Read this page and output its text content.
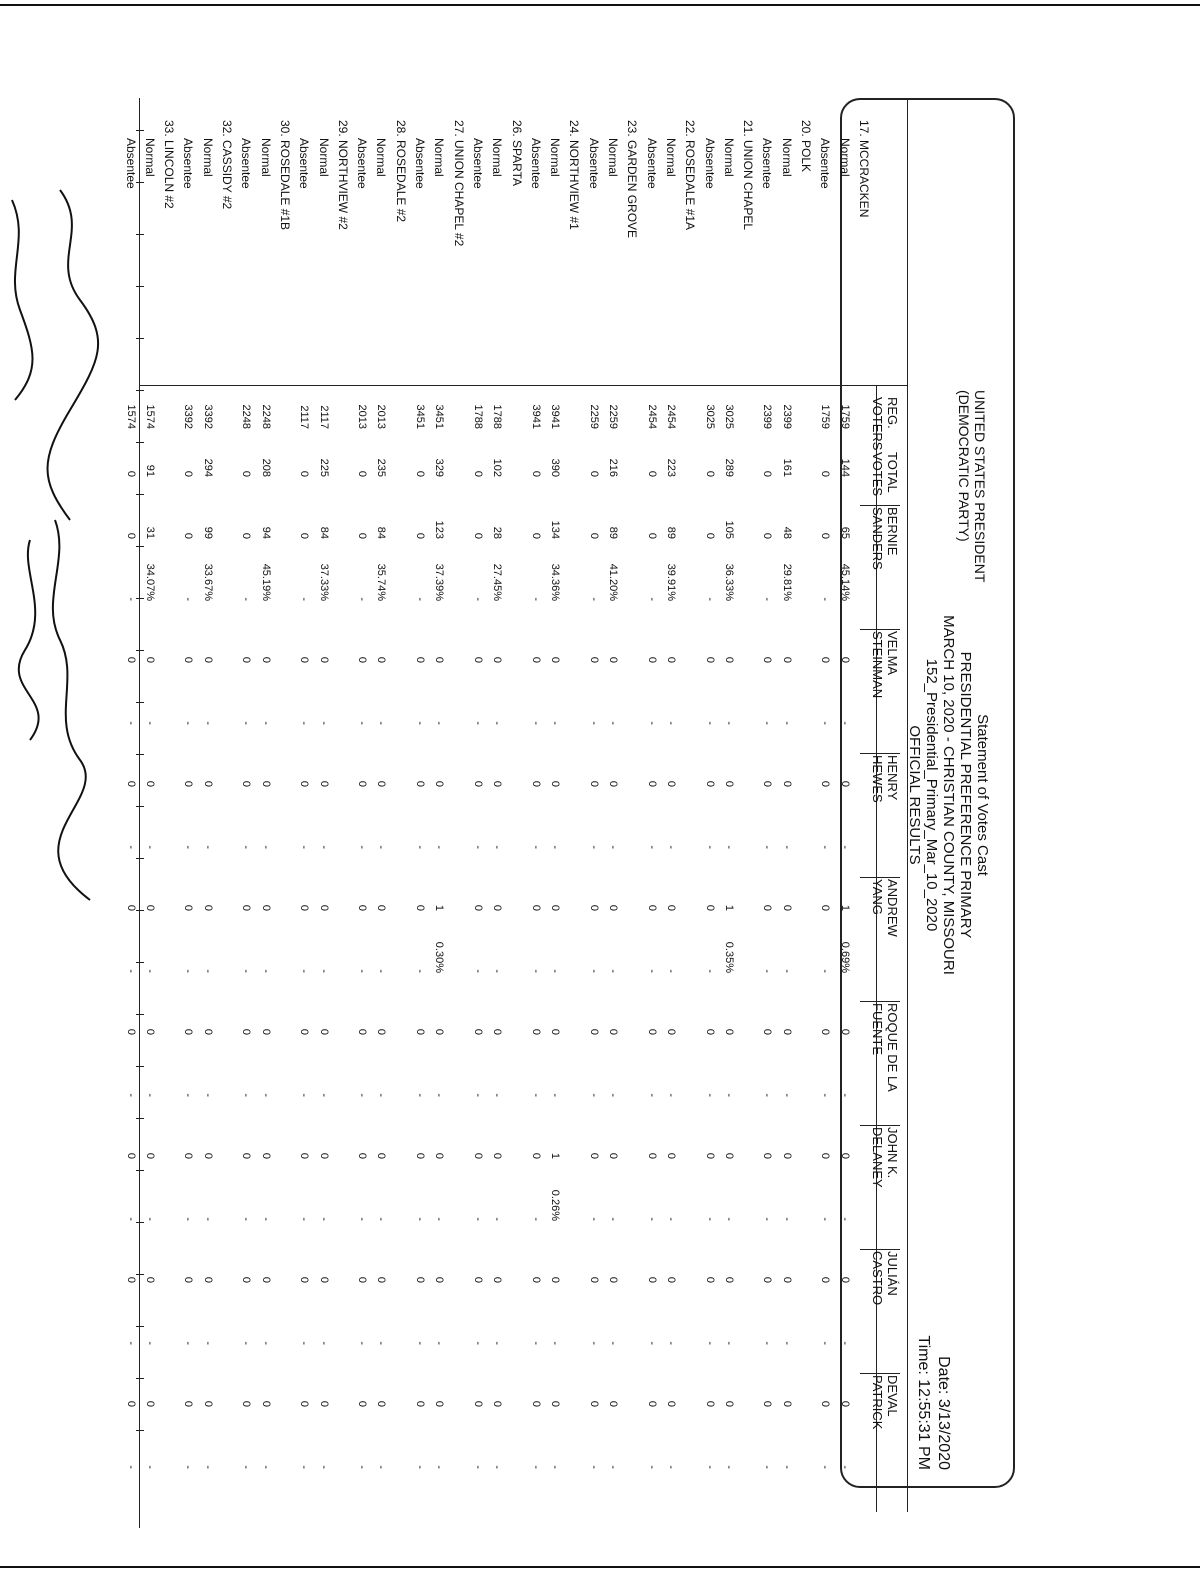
Statement of Votes Cast
PRESIDENTIAL PREFERENCE PRIMARY
MARCH 10, 2020 - CHRISTIAN COUNTY, MISSOURI
152_Presidential_Primary_Mar_10_2020
OFFICIAL RESULTS
Date: 3/13/2020
Time: 12:55:31 PM
UNITED STATES PRESIDENT
(DEMOCRATIC PARTY)
REG.
VOTERS
TOTAL
VOTES
BERNIE
SANDERS
VELMA
STEINMAN
HENRY
HEWES
ANDREW
YANG
ROQUE DE LA
FUENTE
JOHN K.
DELANEY
JULIÁN
CASTRO
DEVAL
PATRICK
17. MCCRACKEN
Normal
1759
144
65
45.14%
0
-
0
-
1
0.69%
0
-
0
-
0
-
0
-
Absentee
1759
0
0
-
0
-
0
-
0
-
0
-
0
-
0
-
0
-
20. POLK
Normal
2399
161
48
29.81%
0
-
0
-
0
-
0
-
0
-
0
-
0
-
Absentee
2399
0
0
-
0
-
0
-
0
-
0
-
0
-
0
-
0
-
21. UNION CHAPEL
Normal
3025
289
105
36.33%
0
-
0
-
1
0.35%
0
-
0
-
0
-
0
-
Absentee
3025
0
0
-
0
-
0
-
0
-
0
-
0
-
0
-
0
-
22. ROSEDALE #1A
Normal
2454
223
89
39.91%
0
-
0
-
0
-
0
-
0
-
0
-
0
-
Absentee
2454
0
0
-
0
-
0
-
0
-
0
-
0
-
0
-
0
-
23. GARDEN GROVE
Normal
2259
216
89
41.20%
0
-
0
-
0
-
0
-
0
-
0
-
0
-
Absentee
2259
0
0
-
0
-
0
-
0
-
0
-
0
-
0
-
0
-
24. NORTHVIEW #1
Normal
3941
390
134
34.36%
0
-
0
-
0
-
0
-
1
0.26%
0
-
0
-
Absentee
3941
0
0
-
0
-
0
-
0
-
0
-
0
-
0
-
0
-
26. SPARTA
Normal
1788
102
28
27.45%
0
-
0
-
0
-
0
-
0
-
0
-
0
-
Absentee
1788
0
0
-
0
-
0
-
0
-
0
-
0
-
0
-
0
-
27. UNION CHAPEL #2
Normal
3451
329
123
37.39%
0
-
0
-
1
0.30%
0
-
0
-
0
-
0
-
Absentee
3451
0
0
-
0
-
0
-
0
-
0
-
0
-
0
-
0
-
28. ROSEDALE #2
Normal
2013
235
84
35.74%
0
-
0
-
0
-
0
-
0
-
0
-
0
-
Absentee
2013
0
0
-
0
-
0
-
0
-
0
-
0
-
0
-
0
-
29. NORTHVIEW #2
Normal
2117
225
84
37.33%
0
-
0
-
0
-
0
-
0
-
0
-
0
-
Absentee
2117
0
0
-
0
-
0
-
0
-
0
-
0
-
0
-
0
-
30. ROSEDALE #1B
Normal
2248
208
94
45.19%
0
-
0
-
0
-
0
-
0
-
0
-
0
-
Absentee
2248
0
0
-
0
-
0
-
0
-
0
-
0
-
0
-
0
-
32. CASSIDY #2
Normal
3392
294
99
33.67%
0
-
0
-
0
-
0
-
0
-
0
-
0
-
Absentee
3392
0
0
-
0
-
0
-
0
-
0
-
0
-
0
-
0
-
33. LINCOLN #2
Normal
1574
91
31
34.07%
0
-
0
-
0
-
0
-
0
-
0
-
0
-
Absentee
1574
0
0
-
0
-
0
-
0
-
0
-
0
-
0
-
0
-
